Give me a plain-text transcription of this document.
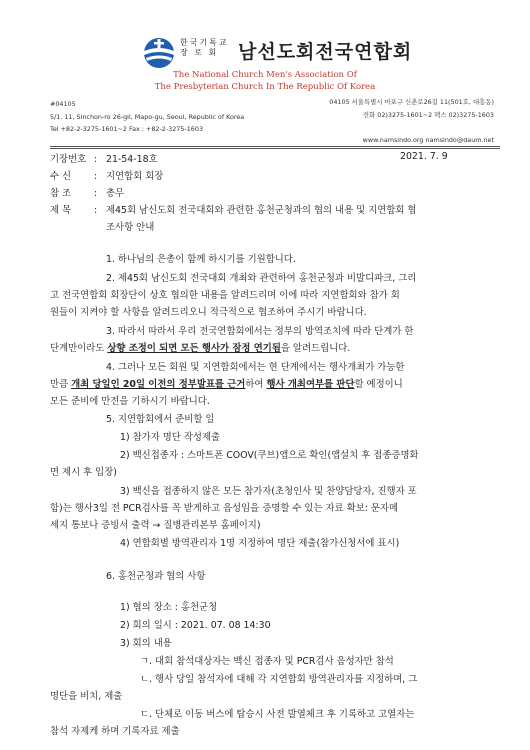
한국기독교
장 로 회	남선도회전국연합회
The National Church Men's Association Of
The Presbyterian Church In The Republic Of Korea
#04105
5/1. 11, Sinchon-ro 26-gil, Mapo-gu, Seoul, Republic of Korea
Tel +82-2-3275-1601~2 Fax : +82-2-3275-1603
04105 서울특별시 마포구 신촌로26길 11(501호, 대흥동)
전화 02)3275-1601~2 팩스 02)3275-1603
www.namsindo.org namsindo@daum.net
기장번호 : 21-54-18호	2021. 7. 9
수 신 : 지연합회 회장
참 조 : 총무
제 목 : 제45회 남신도회 전국대회와 관련한 홍천군청과의 협의 내용 및 지연합회 협
조사항 안내
1. 하나님의 은총이 함께 하시기를 기원합니다.
2. 제45회 남신도회 전국대회 개최와 관련하여 홍천군청과 비발디파크, 그리
고 전국연합회 회장단이 상호 협의한 내용을 알려드리며 이에 따라 지연합회와 참가 회
원들이 지켜야 할 사항을 알려드리오니 적극적으로 협조하여 주시기 바랍니다.
3. 따라서 따라서 우리 전국연합회에서는 정부의 방역조치에 따라 단계가 한
단계만이라도 상향 조정이 되면 모든 행사가 잠정 연기됨을 알려드립니다.
4. 그러나 모든 회원 및 지연합회에서는 현 단계에서는 행사개최가 가능한
만큼 개최 당일인 20일 이전의 정부발표를 근거하여 행사 개최여부를 판단할 예정이니
모든 준비에 만전을 기하시기 바랍니다.
5. 지연합회에서 준비할 일
1) 참가자 명단 작성제출
2) 백신접종자 : 스마트폰 COOV(쿠브)앱으로 확인(앱설치 후 접종증명화
면 제시 후 입장)
3) 백신을 접종하지 않은 모든 참가자(초청인사 및 찬양담당자, 진행자 포
함)는 행사3일 전 PCR검사를 꼭 받게하고 음성임을 증명할 수 있는 자료 확보: 문자메
세지 통보나 증빙서 출력 → 질병관리본부 홈페이지)
4) 연합회별 방역관리자 1명 지정하여 명단 제출(참가신청서에 표시)
6. 홍천군청과 협의 사항
1) 협의 장소 : 홍천군청
2) 회의 일시 : 2021. 07. 08 14:30
3) 회의 내용
ㄱ. 대회 참석대상자는 백신 접종자 및 PCR검사 음성자만 참석
ㄴ. 행사 당일 참석자에 대해 각 지연합회 방역관리자를 지정하며, 그
명단을 비치, 제출
ㄷ. 단체로 이동 버스에 탑승시 사전 발열체크 후 기록하고 고열자는
참석 자제케 하며 기록자료 제출
